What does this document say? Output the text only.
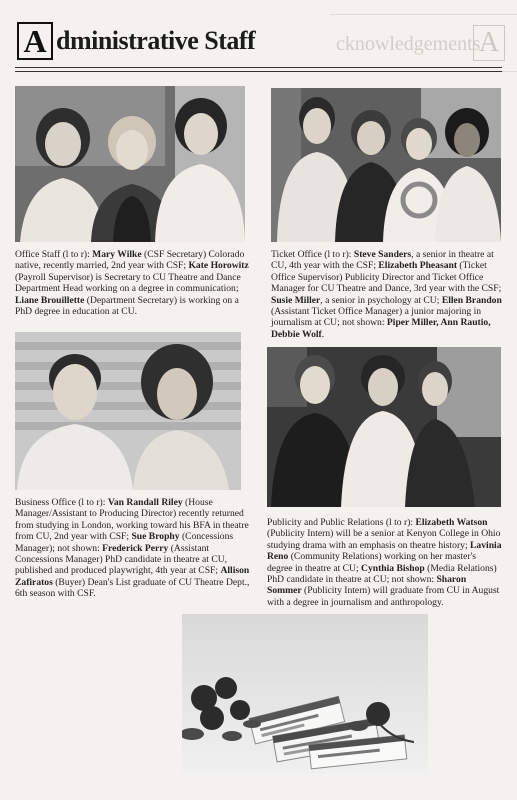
cknowledgements
A
A dministrative Staff
Office Staff (l to r): Mary Wilke (CSF Secretary) Colorado native, recently married, 2nd year with CSF; Kate Horowitz (Payroll Supervisor) is Secretary to CU Theatre and Dance Department Head working on a degree in communication; Liane Brouillette (Department Secretary) is working on a PhD degree in education at CU.
Ticket Office (l to r): Steve Sanders, a senior in theatre at CU, 4th year with the CSF; Elizabeth Pheasant (Ticket Office Supervisor) Publicity Director and Ticket Office Manager for CU Theatre and Dance, 3rd year with the CSF; Susie Miller, a senior in psychology at CU; Ellen Brandon (Assistant Ticket Office Manager) a junior majoring in journalism at CU; not shown: Piper Miller, Ann Rautio, Debbie Wolf.
Business Office (l to r): Van Randall Riley (House Manager/Assistant to Producing Director) recently returned from studying in London, working toward his BFA in theatre from CU, 2nd year with CSF; Sue Brophy (Concessions Manager); not shown: Frederick Perry (Assistant Concessions Manager) PhD candidate in theatre at CU, published and produced playwright, 4th year at CSF; Allison Zafiratos (Buyer) Dean's List graduate of CU Theatre Dept., 6th season with CSF.
Publicity and Public Relations (l to r): Elizabeth Watson (Publicity Intern) will be a senior at Kenyon College in Ohio studying drama with an emphasis on theatre history; Lavinia Reno (Community Relations) working on her master's degree in theatre at CU; Cynthia Bishop (Media Relations) PhD candidate in theatre at CU; not shown: Sharon Sommer (Publicity Intern) will graduate from CU in August with a degree in journalism and anthropology.
